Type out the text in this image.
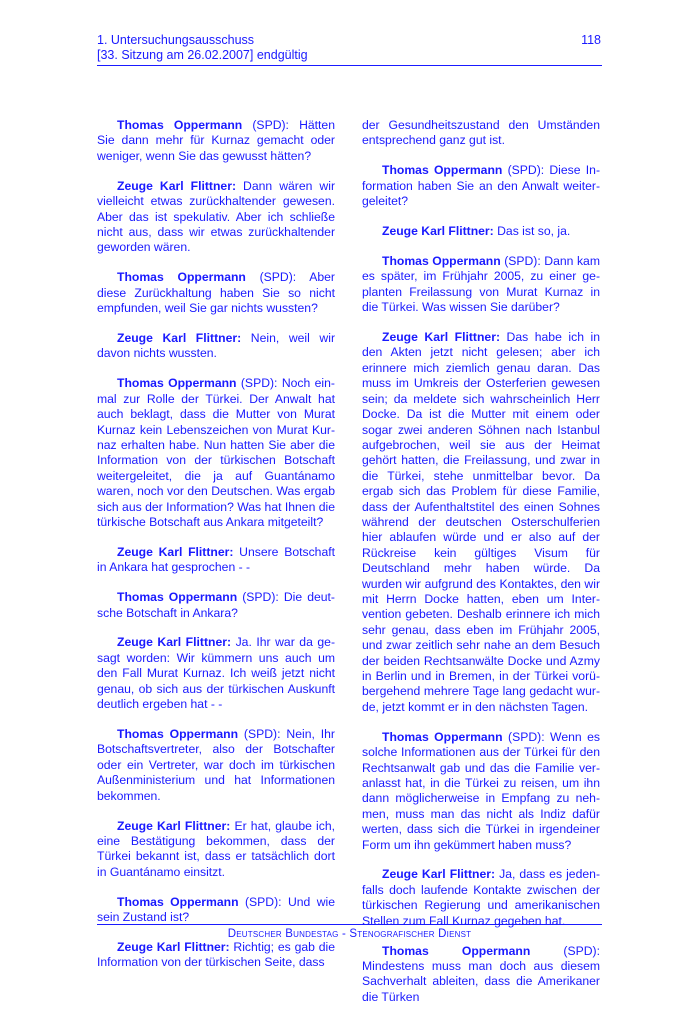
1. Untersuchungsausschuss
[33. Sitzung am 26.02.2007] endgültig
118

Thomas Oppermann (SPD): Hätten Sie dann mehr für Kurnaz gemacht oder weniger, wenn Sie das gewusst hätten?

Zeuge Karl Flittner: Dann wären wir vielleicht etwas zurückhaltender gewesen. Aber das ist spekulativ. Aber ich schließe nicht aus, dass wir etwas zurückhaltender geworden wären.

Thomas Oppermann (SPD): Aber diese Zurückhaltung haben Sie so nicht empfunden, weil Sie gar nichts wussten?

Zeuge Karl Flittner: Nein, weil wir davon nichts wussten.

Thomas Oppermann (SPD): Noch einmal zur Rolle der Türkei. Der Anwalt hat auch beklagt, dass die Mutter von Murat Kurnaz kein Lebenszeichen von Murat Kurnaz erhalten habe. Nun hatten Sie aber die Information von der türkischen Botschaft weitergeleitet, die ja auf Guantánamo waren, noch vor den Deutschen. Was ergab sich aus der Information? Was hat Ihnen die türkische Botschaft aus Ankara mitgeteilt?

Zeuge Karl Flittner: Unsere Botschaft in Ankara hat gesprochen - -

Thomas Oppermann (SPD): Die deutsche Botschaft in Ankara?

Zeuge Karl Flittner: Ja. Ihr war da gesagt worden: Wir kümmern uns auch um den Fall Murat Kurnaz. Ich weiß jetzt nicht genau, ob sich aus der türkischen Auskunft deutlich ergeben hat - -

Thomas Oppermann (SPD): Nein, Ihr Botschaftsvertreter, also der Botschafter oder ein Vertreter, war doch im türkischen Außenministerium und hat Informationen bekommen.

Zeuge Karl Flittner: Er hat, glaube ich, eine Bestätigung bekommen, dass der Türkei bekannt ist, dass er tatsächlich dort in Guantánamo einsitzt.

Thomas Oppermann (SPD): Und wie sein Zustand ist?

Zeuge Karl Flittner: Richtig; es gab die Information von der türkischen Seite, dass

der Gesundheitszustand den Umständen entsprechend ganz gut ist.

Thomas Oppermann (SPD): Diese Information haben Sie an den Anwalt weitergeleitet?

Zeuge Karl Flittner: Das ist so, ja.

Thomas Oppermann (SPD): Dann kam es später, im Frühjahr 2005, zu einer geplanten Freilassung von Murat Kurnaz in die Türkei. Was wissen Sie darüber?

Zeuge Karl Flittner: Das habe ich in den Akten jetzt nicht gelesen; aber ich erinnere mich ziemlich genau daran. Das muss im Umkreis der Osterferien gewesen sein; da meldete sich wahrscheinlich Herr Docke. Da ist die Mutter mit einem oder sogar zwei anderen Söhnen nach Istanbul aufgebrochen, weil sie aus der Heimat gehört hatten, die Freilassung, und zwar in die Türkei, stehe unmittelbar bevor. Da ergab sich das Problem für diese Familie, dass der Aufenthaltstitel des einen Sohnes während der deutschen Osterschulferien hier ablaufen würde und er also auf der Rückreise kein gültiges Visum für Deutschland mehr haben würde. Da wurden wir aufgrund des Kontaktes, den wir mit Herrn Docke hatten, eben um Intervention gebeten. Deshalb erinnere ich mich sehr genau, dass eben im Frühjahr 2005, und zwar zeitlich sehr nahe an dem Besuch der beiden Rechtsanwälte Docke und Azmy in Berlin und in Bremen, in der Türkei vorübergehend mehrere Tage lang gedacht wurde, jetzt kommt er in den nächsten Tagen.

Thomas Oppermann (SPD): Wenn es solche Informationen aus der Türkei für den Rechtsanwalt gab und das die Familie veranlasst hat, in die Türkei zu reisen, um ihn dann möglicherweise in Empfang zu nehmen, muss man das nicht als Indiz dafür werten, dass sich die Türkei in irgendeiner Form um ihn gekümmert haben muss?

Zeuge Karl Flittner: Ja, dass es jedenfalls doch laufende Kontakte zwischen der türkischen Regierung und amerikanischen Stellen zum Fall Kurnaz gegeben hat.

Thomas Oppermann (SPD): Mindestens muss man doch aus diesem Sachverhalt ableiten, dass die Amerikaner die Türken

Deutscher Bundestag - Stenografischer Dienst
